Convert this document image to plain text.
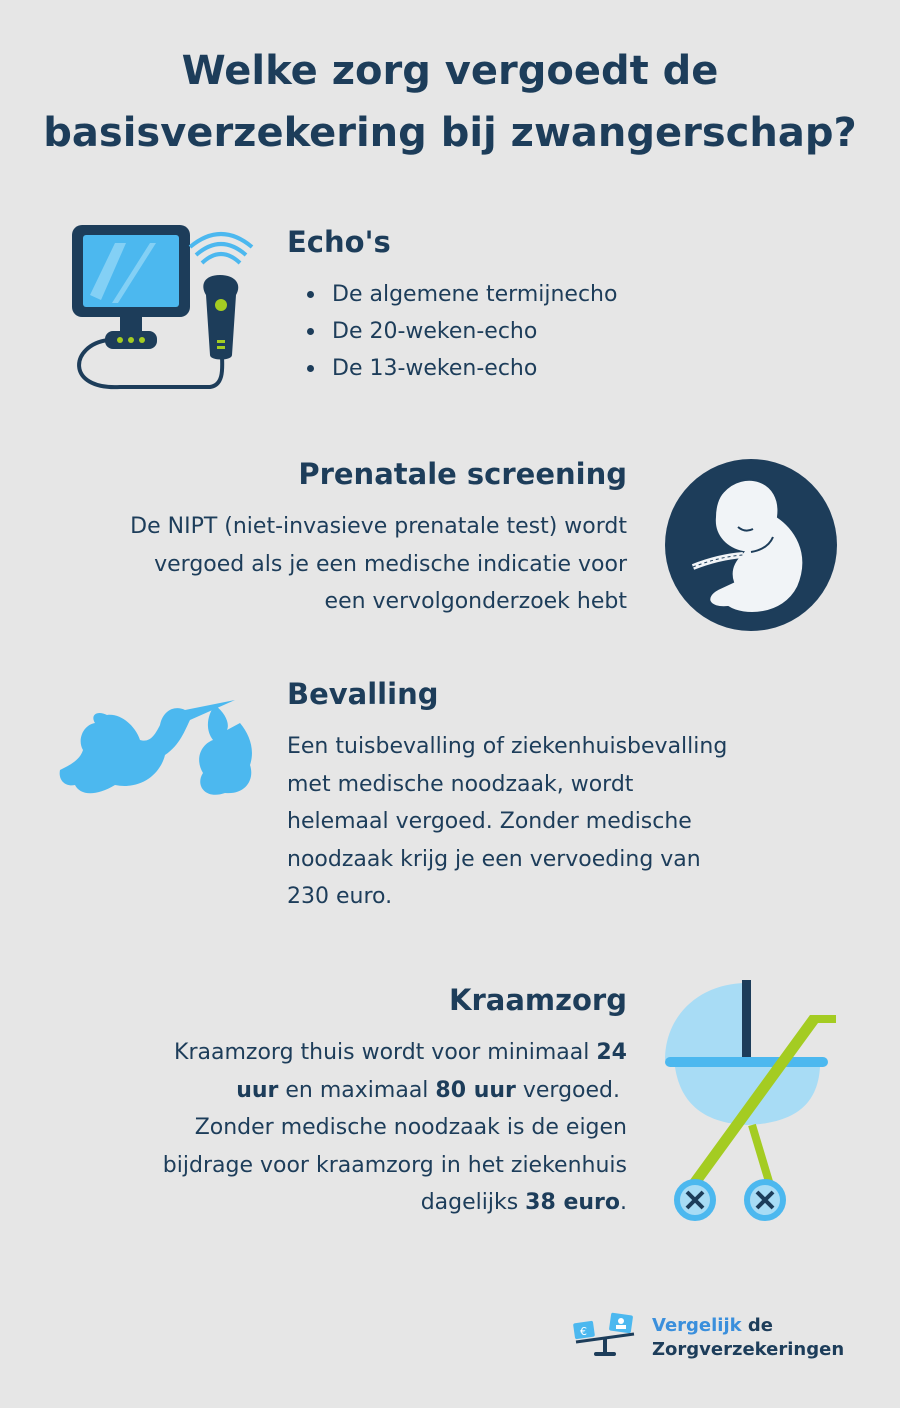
Welke zorg vergoedt de
basisverzekering bij zwangerschap?
Echo's
De algemene termijnecho
De 20-weken-echo
De 13-weken-echo
Prenatale screening

De NIPT (niet-invasieve prenatale test) wordt
vergoed als je een medische indicatie voor
een vervolgonderzoek hebt

Bevalling

Een tuisbevalling of ziekenhuisbevalling
met medische noodzaak, wordt
helemaal vergoed. Zonder medische
noodzaak krijg je een vervoeding van
230 euro.

Kraamzorg

Kraamzorg thuis wordt voor minimaal 24
uur en maximaal 80 uur vergoed.
Zonder medische noodzaak is de eigen
bijdrage voor kraamzorg in het ziekenhuis
dagelijks 38 euro.

€	Vergelijk de
Zorgverzekeringen
